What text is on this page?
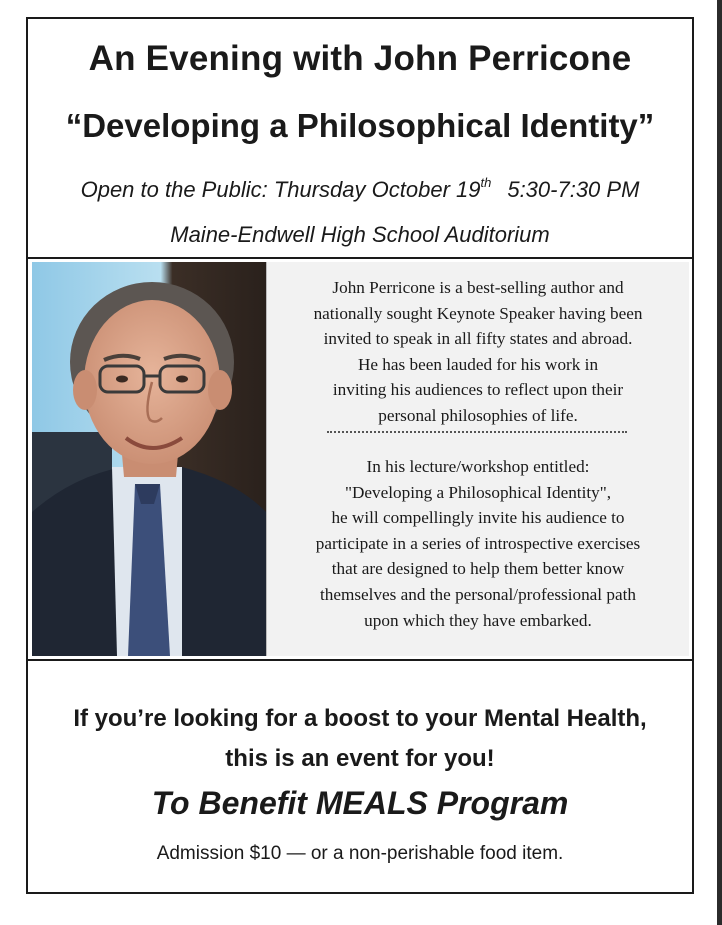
An Evening with John Perricone
“Developing a Philosophical Identity”
Open to the Public: Thursday October 19th 5:30-7:30 PM
Maine-Endwell High School Auditorium
John Perricone is a best-selling author and
nationally sought Keynote Speaker having been
invited to speak in all fifty states and abroad.
He has been lauded for his work in
inviting his audiences to reflect upon their
personal philosophies of life.
In his lecture/workshop entitled:
"Developing a Philosophical Identity",
he will compellingly invite his audience to
participate in a series of introspective exercises
that are designed to help them better know
themselves and the personal/professional path
upon which they have embarked.
If you’re looking for a boost to your Mental Health,
this is an event for you!
To Benefit MEALS Program
Admission $10 — or a non-perishable food item.
